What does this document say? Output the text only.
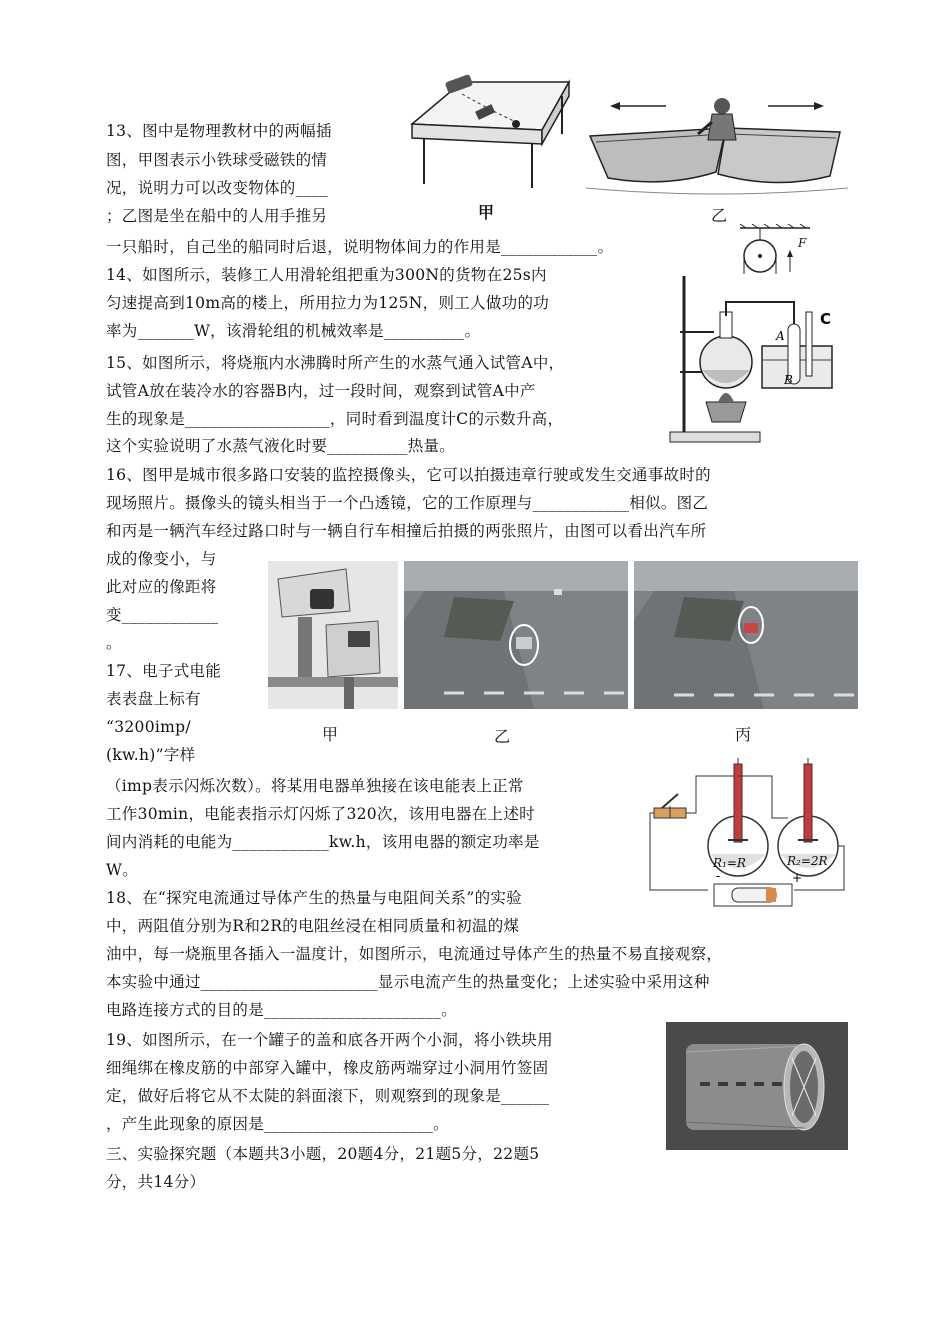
13、图中是物理教材中的两幅插
图，甲图表示小铁球受磁铁的情
况，说明力可以改变物体的____
；乙图是坐在船中的人用手推另
一只船时，自己坐的船同时后退，说明物体间力的作用是____________。
甲	乙
14、如图所示，装修工人用滑轮组把重为300N的货物在25s内
匀速提高到10m高的楼上，所用拉力为125N，则工人做功的功
率为_______W，该滑轮组的机械效率是__________。
F
15、如图所示，将烧瓶内水沸腾时所产生的水蒸气通入试管A中，
试管A放在装冷水的容器B内，过一段时间，观察到试管A中产
生的现象是__________________，同时看到温度计C的示数升高，
这个实验说明了水蒸气液化时要__________热量。
A
B
C
16、图甲是城市很多路口安装的监控摄像头，它可以拍摄违章行驶或发生交通事故时的
现场照片。摄像头的镜头相当于一个凸透镜，它的工作原理与____________相似。图乙
和丙是一辆汽车经过路口时与一辆自行车相撞后拍摄的两张照片，由图可以看出汽车所
成的像变小，与
此对应的像距将
变____________
。
甲	乙	丙
17、电子式电能
表表盘上标有
“3200imp/
(kw.h)”字样
（imp表示闪烁次数）。将某用电器单独接在该电能表上正常
工作30min，电能表指示灯闪烁了320次，该用电器在上述时
间内消耗的电能为____________kw.h，该用电器的额定功率是
W。	-	+
R₁=R	R₂=2R
18、在“探究电流通过导体产生的热量与电阻间关系”的实验
中，两阻值分别为R和2R的电阻丝浸在相同质量和初温的煤
油中，每一烧瓶里各插入一温度计，如图所示，电流通过导体产生的热量不易直接观察，
本实验中通过______________________显示电流产生的热量变化；上述实验中采用这种
电路连接方式的目的是______________________。
19、如图所示，在一个罐子的盖和底各开两个小洞，将小铁块用
细绳绑在橡皮筋的中部穿入罐中，橡皮筋两端穿过小洞用竹签固
定，做好后将它从不太陡的斜面滚下，则观察到的现象是______
，产生此现象的原因是_____________________。
三、实验探究题（本题共3小题，20题4分，21题5分，22题5
分，共14分）
